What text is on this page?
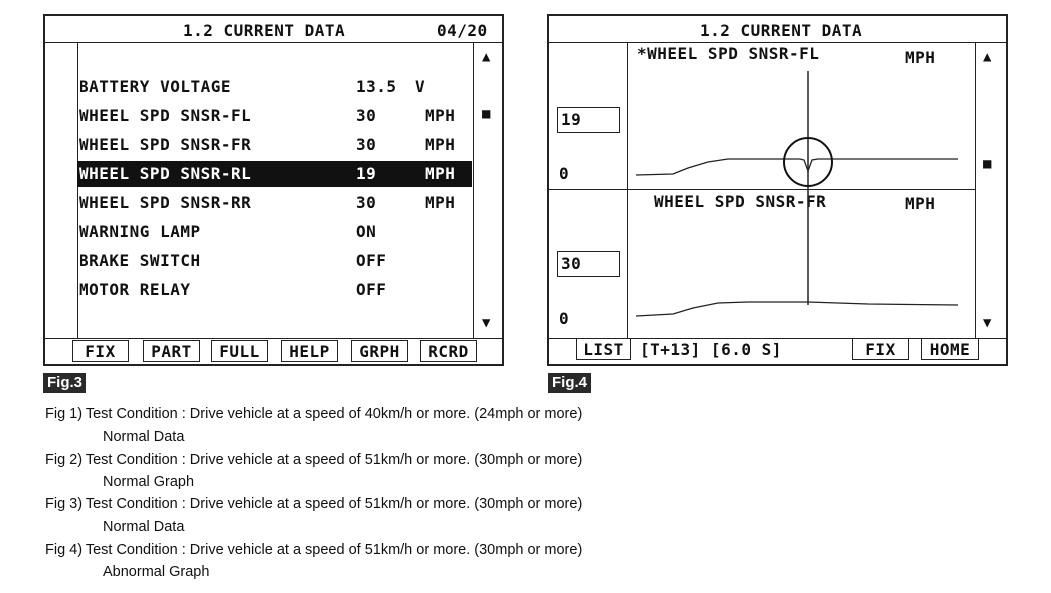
1.2 CURRENT DATA	04/20
▲
■
▼
BATTERY VOLTAGE	13.5 V
WHEEL SPD SNSR-FL	30	MPH
WHEEL SPD SNSR-FR	30	MPH
WHEEL SPD SNSR-RL	19	MPH
WHEEL SPD SNSR-RR	30	MPH
WARNING LAMP	ON
BRAKE SWITCH	OFF
MOTOR RELAY	OFF
FIX	PART	FULL	HELP	GRPH	RCRD
Fig.3
1.2 CURRENT DATA
▲
■
▼
*WHEEL SPD SNSR-FL	MPH
19
0
WHEEL SPD SNSR-FR	MPH
30
0
LIST	[T+13] [6.0 S]	FIX	HOME
Fig.4
Fig 1) Test Condition : Drive vehicle at a speed of 40km/h or more. (24mph or more)
Normal Data
Fig 2) Test Condition : Drive vehicle at a speed of 51km/h or more. (30mph or more)
Normal Graph
Fig 3) Test Condition : Drive vehicle at a speed of 51km/h or more. (30mph or more)
Normal Data
Fig 4) Test Condition : Drive vehicle at a speed of 51km/h or more. (30mph or more)
Abnormal Graph
